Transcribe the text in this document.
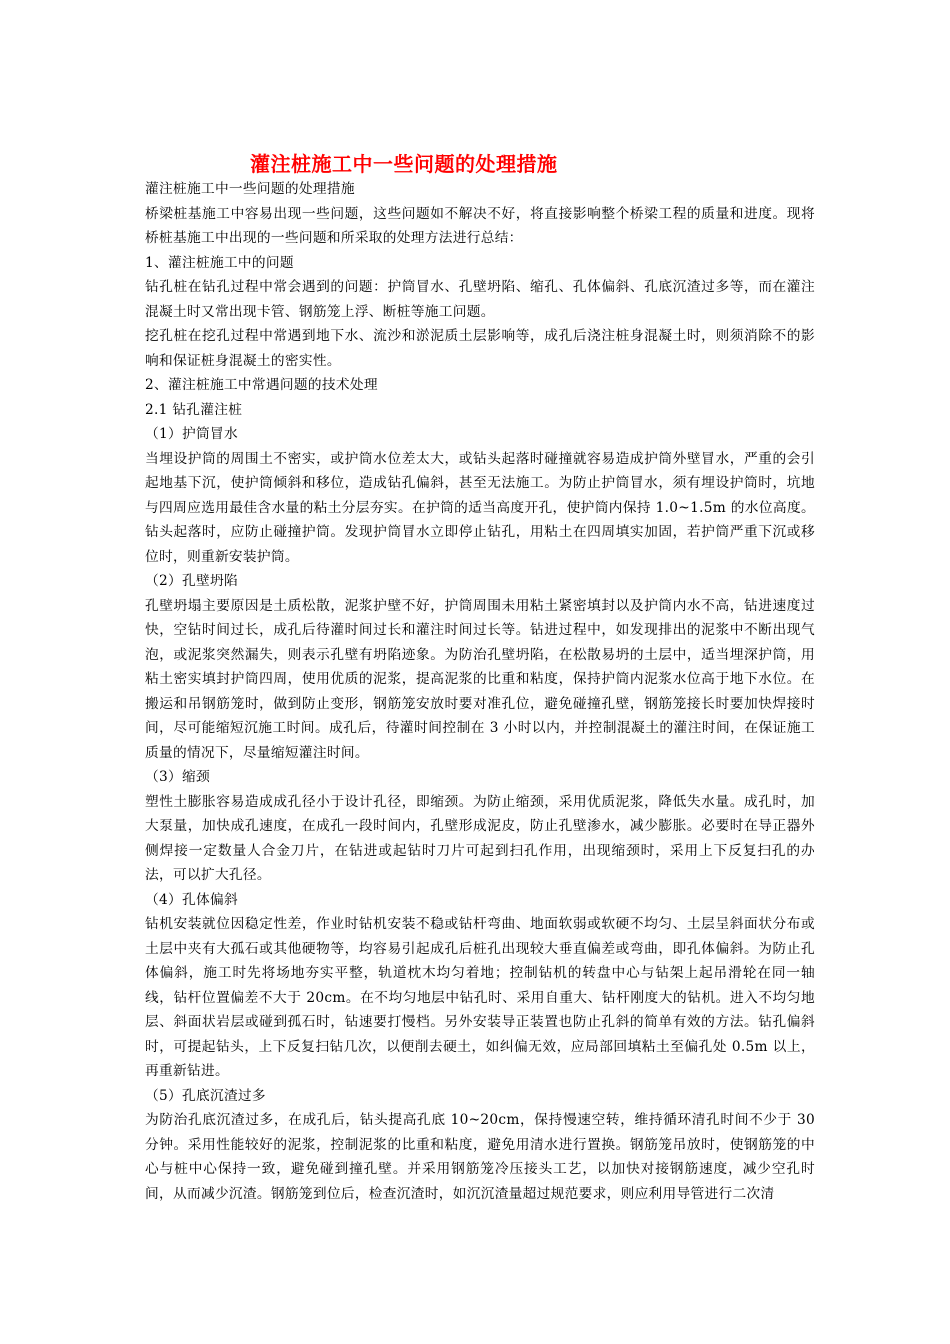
灌注桩施工中一些问题的处理措施

灌注桩施工中一些问题的处理措施

桥梁桩基施工中容易出现一些问题，这些问题如不解决不好，将直接影响整个桥梁工程的质量和进度。现将桥桩基施工中出现的一些问题和所采取的处理方法进行总结：

1、灌注桩施工中的问题

钻孔桩在钻孔过程中常会遇到的问题：护筒冒水、孔壁坍陷、缩孔、孔体偏斜、孔底沉渣过多等，而在灌注混凝土时又常出现卡管、钢筋笼上浮、断桩等施工问题。

挖孔桩在挖孔过程中常遇到地下水、流沙和淤泥质土层影响等，成孔后浇注桩身混凝土时，则须消除不的影响和保证桩身混凝土的密实性。

2、灌注桩施工中常遇问题的技术处理

2.1 钻孔灌注桩

（1）护筒冒水

当埋设护筒的周围土不密实，或护筒水位差太大，或钻头起落时碰撞就容易造成护筒外壁冒水，严重的会引起地基下沉，使护筒倾斜和移位，造成钻孔偏斜，甚至无法施工。为防止护筒冒水，须有埋设护筒时，坑地与四周应选用最佳含水量的粘土分层夯实。在护筒的适当高度开孔，使护筒内保持 1.0~1.5m 的水位高度。钻头起落时，应防止碰撞护筒。发现护筒冒水立即停止钻孔，用粘土在四周填实加固，若护筒严重下沉或移位时，则重新安装护筒。

（2）孔壁坍陷

孔壁坍塌主要原因是土质松散，泥浆护壁不好，护筒周围未用粘土紧密填封以及护筒内水不高，钻进速度过快，空钻时间过长，成孔后待灌时间过长和灌注时间过长等。钻进过程中，如发现排出的泥浆中不断出现气泡，或泥浆突然漏失，则表示孔壁有坍陷迹象。为防治孔壁坍陷，在松散易坍的土层中，适当埋深护筒，用粘土密实填封护筒四周，使用优质的泥浆，提高泥浆的比重和粘度，保持护筒内泥浆水位高于地下水位。在搬运和吊钢筋笼时，做到防止变形，钢筋笼安放时要对准孔位，避免碰撞孔壁，钢筋笼接长时要加快焊接时间，尽可能缩短沉施工时间。成孔后，待灌时间控制在 3 小时以内，并控制混凝土的灌注时间，在保证施工质量的情况下，尽量缩短灌注时间。

（3）缩颈

塑性土膨胀容易造成成孔径小于设计孔径，即缩颈。为防止缩颈，采用优质泥浆，降低失水量。成孔时，加大泵量，加快成孔速度，在成孔一段时间内，孔壁形成泥皮，防止孔壁渗水，减少膨胀。必要时在导正器外侧焊接一定数量人合金刀片，在钻进或起钻时刀片可起到扫孔作用，出现缩颈时，采用上下反复扫孔的办法，可以扩大孔径。

（4）孔体偏斜

钻机安装就位因稳定性差，作业时钻机安装不稳或钻杆弯曲、地面软弱或软硬不均匀、土层呈斜面状分布或土层中夹有大孤石或其他硬物等，均容易引起成孔后桩孔出现较大垂直偏差或弯曲，即孔体偏斜。为防止孔体偏斜，施工时先将场地夯实平整，轨道枕木均匀着地；控制钻机的转盘中心与钻架上起吊滑轮在同一轴线，钻杆位置偏差不大于 20cm。在不均匀地层中钻孔时、采用自重大、钻杆刚度大的钻机。进入不均匀地层、斜面状岩层或碰到孤石时，钻速要打慢档。另外安装导正装置也防止孔斜的简单有效的方法。钻孔偏斜时，可提起钻头，上下反复扫钻几次，以便削去硬土，如纠偏无效，应局部回填粘土至偏孔处 0.5m 以上，再重新钻进。

（5）孔底沉渣过多

为防治孔底沉渣过多，在成孔后，钻头提高孔底 10~20cm，保持慢速空转，维持循环清孔时间不少于 30 分钟。采用性能较好的泥浆，控制泥浆的比重和粘度，避免用清水进行置换。钢筋笼吊放时，使钢筋笼的中心与桩中心保持一致，避免碰到撞孔壁。并采用钢筋笼冷压接头工艺，以加快对接钢筋速度，减少空孔时间，从而减少沉渣。钢筋笼到位后，检查沉渣时，如沉沉渣量超过规范要求，则应利用导管进行二次清
